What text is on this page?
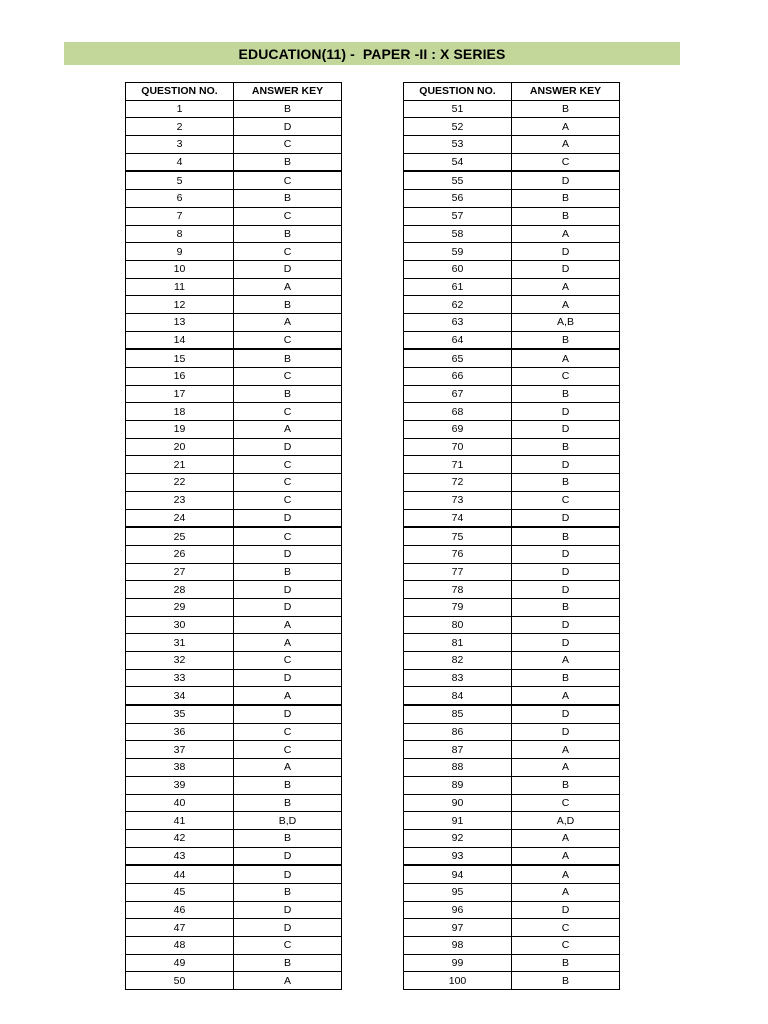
EDUCATION(11) -  PAPER -II : X SERIES
QUESTION NO.	ANSWER KEY
1	B
2	D
3	C
4	B
5	C
6	B
7	C
8	B
9	C
10	D
11	A
12	B
13	A
14	C
15	B
16	C
17	B
18	C
19	A
20	D
21	C
22	C
23	C
24	D
25	C
26	D
27	B
28	D
29	D
30	A
31	A
32	C
33	D
34	A
35	D
36	C
37	C
38	A
39	B
40	B
41	B,D
42	B
43	D
44	D
45	B
46	D
47	D
48	C
49	B
50	A
QUESTION NO.	ANSWER KEY
51	B
52	A
53	A
54	C
55	D
56	B
57	B
58	A
59	D
60	D
61	A
62	A
63	A,B
64	B
65	A
66	C
67	B
68	D
69	D
70	B
71	D
72	B
73	C
74	D
75	B
76	D
77	D
78	D
79	B
80	D
81	D
82	A
83	B
84	A
85	D
86	D
87	A
88	A
89	B
90	C
91	A,D
92	A
93	A
94	A
95	A
96	D
97	C
98	C
99	B
100	B
